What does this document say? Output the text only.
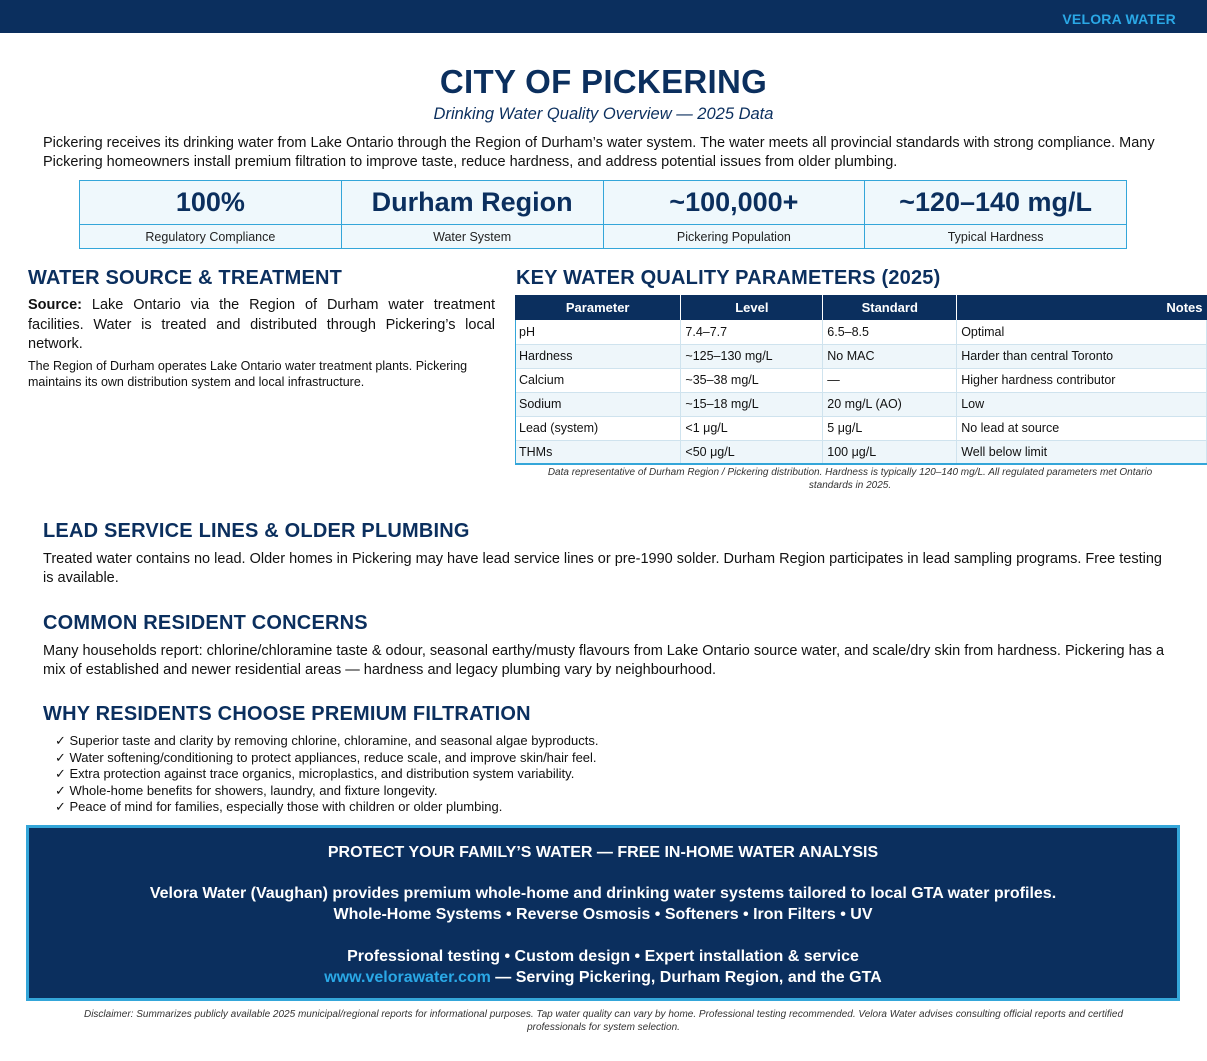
VELORA WATER
CITY OF PICKERING
Drinking Water Quality Overview — 2025 Data
Pickering receives its drinking water from Lake Ontario through the Region of Durham’s water system. The water meets all provincial standards with strong compliance. Many Pickering homeowners install premium filtration to improve taste, reduce hardness, and address potential issues from older plumbing.
100%
Regulatory Compliance
Durham Region
Water System
~100,000+
Pickering Population
~120–140 mg/L
Typical Hardness
WATER SOURCE & TREATMENT
Source: Lake Ontario via the Region of Durham water treatment facilities. Water is treated and distributed through Pickering’s local network.
The Region of Durham operates Lake Ontario water treatment plants. Pickering maintains its own distribution system and local infrastructure.
KEY WATER QUALITY PARAMETERS (2025)
Parameter	Level	Standard	Notes
pH	7.4–7.7	6.5–8.5	Optimal
Hardness	~125–130 mg/L	No MAC	Harder than central Toronto
Calcium	~35–38 mg/L	—	Higher hardness contributor
Sodium	~15–18 mg/L	20 mg/L (AO)	Low
Lead (system)	<1 μg/L	5 μg/L	No lead at source
THMs	<50 μg/L	100 μg/L	Well below limit
Data representative of Durham Region / Pickering distribution. Hardness is typically 120–140 mg/L. All regulated parameters met Ontario standards in 2025.
LEAD SERVICE LINES & OLDER PLUMBING

Treated water contains no lead. Older homes in Pickering may have lead service lines or pre-1990 solder. Durham Region participates in lead sampling programs. Free testing is available.

COMMON RESIDENT CONCERNS

Many households report: chlorine/chloramine taste & odour, seasonal earthy/musty flavours from Lake Ontario source water, and scale/dry skin from hardness. Pickering has a mix of established and newer residential areas — hardness and legacy plumbing vary by neighbourhood.

WHY RESIDENTS CHOOSE PREMIUM FILTRATION
✓ Superior taste and clarity by removing chlorine, chloramine, and seasonal algae byproducts.
✓ Water softening/conditioning to protect appliances, reduce scale, and improve skin/hair feel.
✓ Extra protection against trace organics, microplastics, and distribution system variability.
✓ Whole-home benefits for showers, laundry, and fixture longevity.
✓ Peace of mind for families, especially those with children or older plumbing.
PROTECT YOUR FAMILY’S WATER — FREE IN-HOME WATER ANALYSIS
Velora Water (Vaughan) provides premium whole-home and drinking water systems tailored to local GTA water profiles.
Whole-Home Systems • Reverse Osmosis • Softeners • Iron Filters • UV
Professional testing • Custom design • Expert installation & service
www.velorawater.com — Serving Pickering, Durham Region, and the GTA
Disclaimer: Summarizes publicly available 2025 municipal/regional reports for informational purposes. Tap water quality can vary by home. Professional testing recommended. Velora Water advises consulting official reports and certified professionals for system selection.
